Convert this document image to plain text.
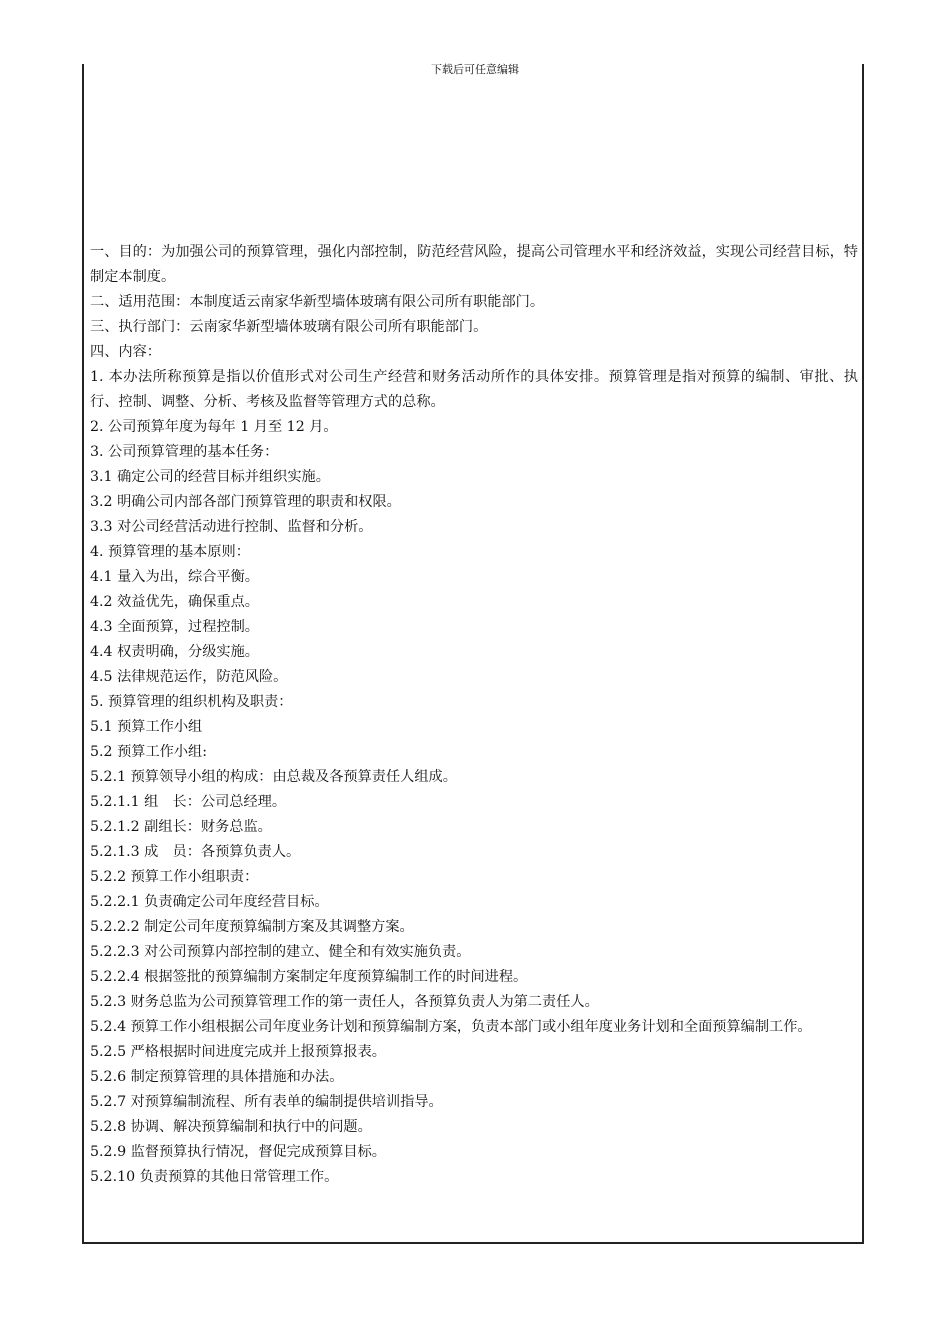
下载后可任意编辑

一、目的：为加强公司的预算管理，强化内部控制，防范经营风险，提高公司管理水平和经济效益，实现公司经营目标，特制定本制度。

二、适用范围：本制度适云南家华新型墙体玻璃有限公司所有职能部门。

三、执行部门：云南家华新型墙体玻璃有限公司所有职能部门。

四、内容：

1. 本办法所称预算是指以价值形式对公司生产经营和财务活动所作的具体安排。预算管理是指对预算的编制、审批、执行、控制、调整、分析、考核及监督等管理方式的总称。

2. 公司预算年度为每年 1 月至 12 月。

3. 公司预算管理的基本任务：

3.1 确定公司的经营目标并组织实施。

3.2 明确公司内部各部门预算管理的职责和权限。

3.3 对公司经营活动进行控制、监督和分析。

4. 预算管理的基本原则：

4.1 量入为出，综合平衡。

4.2 效益优先，确保重点。

4.3 全面预算，过程控制。

4.4 权责明确，分级实施。

4.5 法律规范运作，防范风险。

5. 预算管理的组织机构及职责：

5.1 预算工作小组

5.2 预算工作小组:

5.2.1 预算领导小组的构成：由总裁及各预算责任人组成。

5.2.1.1 组　长：公司总经理。

5.2.1.2 副组长：财务总监。

5.2.1.3 成　员：各预算负责人。

5.2.2 预算工作小组职责：

5.2.2.1 负责确定公司年度经营目标。

5.2.2.2 制定公司年度预算编制方案及其调整方案。

5.2.2.3 对公司预算内部控制的建立、健全和有效实施负责。

5.2.2.4 根据签批的预算编制方案制定年度预算编制工作的时间进程。

5.2.3 财务总监为公司预算管理工作的第一责任人，各预算负责人为第二责任人。

5.2.4 预算工作小组根据公司年度业务计划和预算编制方案，负责本部门或小组年度业务计划和全面预算编制工作。

5.2.5 严格根据时间进度完成并上报预算报表。

5.2.6 制定预算管理的具体措施和办法。

5.2.7 对预算编制流程、所有表单的编制提供培训指导。

5.2.8 协调、解决预算编制和执行中的问题。

5.2.9 监督预算执行情况，督促完成预算目标。

5.2.10 负责预算的其他日常管理工作。
